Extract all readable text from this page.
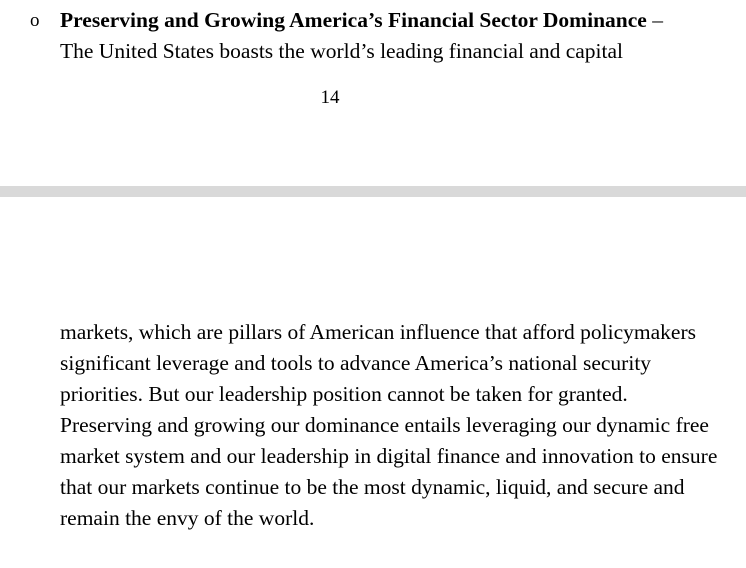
o Preserving and Growing America’s Financial Sector Dominance –
The United States boasts the world’s leading financial and capital
14
markets, which are pillars of American influence that afford policymakers significant leverage and tools to advance America’s national security priorities. But our leadership position cannot be taken for granted. Preserving and growing our dominance entails leveraging our dynamic free market system and our leadership in digital finance and innovation to ensure that our markets continue to be the most dynamic, liquid, and secure and remain the envy of the world.
